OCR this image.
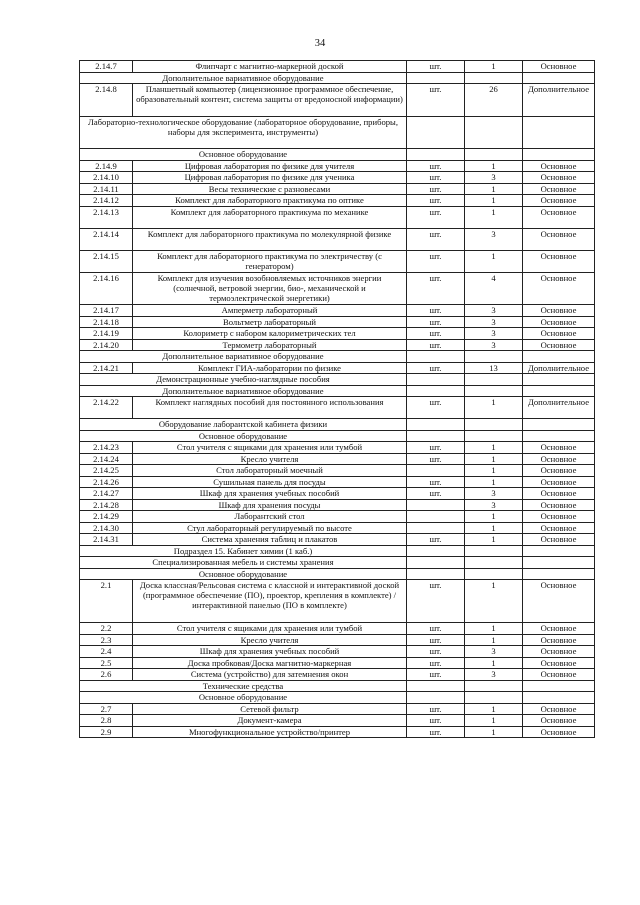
34
2.14.7	Флипчарт с магнитно-маркерной доской	шт.	1	Основное
Дополнительное вариативное оборудование				
2.14.8	Планшетный компьютер (лицензионное программное обеспечение, образовательный контент, система защиты от вредоносной информации)	шт.	26	Дополнительное
Лабораторно-технологическое оборудование (лабораторное оборудование, приборы, наборы для эксперимента, инструменты)				
Основное оборудование				
2.14.9	Цифровая лаборатория по физике для учителя	шт.	1	Основное
2.14.10	Цифровая лаборатория по физике для ученика	шт.	3	Основное
2.14.11	Весы технические с разновесами	шт.	1	Основное
2.14.12	Комплект для лабораторного практикума по оптике	шт.	1	Основное
2.14.13	Комплект для лабораторного практикума по механике	шт.	1	Основное
2.14.14	Комплект для лабораторного практикума по молекулярной физике	шт.	3	Основное
2.14.15	Комплект для лабораторного практикума по электричеству (с генератором)	шт.	1	Основное
2.14.16	Комплект для изучения возобновляемых источников энергии (солнечной, ветровой энергии, био-, механической и термоэлектрической энергетики)	шт.	4	Основное
2.14.17	Амперметр лабораторный	шт.	3	Основное
2.14.18	Вольтметр лабораторный	шт.	3	Основное
2.14.19	Колориметр с набором калориметрических тел	шт.	3	Основное
2.14.20	Термометр лабораторный	шт.	3	Основное
Дополнительное вариативное оборудование				
2.14.21	Комплект ГИА-лаборатории по физике	шт.	13	Дополнительное
Демонстрационные учебно-наглядные пособия				
Дополнительное вариативное оборудование				
2.14.22	Комплект наглядных пособий для постоянного использования	шт.	1	Дополнительное
Оборудование лаборантской кабинета физики				
Основное оборудование				
2.14.23	Стол учителя с ящиками для хранения или тумбой	шт.	1	Основное
2.14.24	Кресло учителя	шт.	1	Основное
2.14.25	Стол лабораторный моечный		1	Основное
2.14.26	Сушильная панель для посуды	шт.	1	Основное
2.14.27	Шкаф для хранения учебных пособий	шт.	3	Основное
2.14.28	Шкаф для хранения посуды		3	Основное
2.14.29	Лаборантский стол		1	Основное
2.14.30	Стул лабораторный регулируемый по высоте		1	Основное
2.14.31	Система хранения таблиц и плакатов	шт.	1	Основное
Подраздел 15. Кабинет химии (1 каб.)				
Специализированная мебель и системы хранения				
Основное оборудование				
2.1	Доска классная/Рельсовая система с классной и интерактивной доской (программное обеспечение (ПО), проектор, крепления в комплекте) / интерактивной панелью (ПО в комплекте)	шт.	1	Основное
2.2	Стол учителя с ящиками для хранения или тумбой	шт.	1	Основное
2.3	Кресло учителя	шт.	1	Основное
2.4	Шкаф для хранения учебных пособий	шт.	3	Основное
2.5	Доска пробковая/Доска магнитно-маркерная	шт.	1	Основное
2.6	Система (устройство) для затемнения окон	шт.	3	Основное
Технические средства				
Основное оборудование				
2.7	Сетевой фильтр	шт.	1	Основное
2.8	Документ-камера	шт.	1	Основное
2.9	Многофункциональное устройство/принтер	шт.	1	Основное
